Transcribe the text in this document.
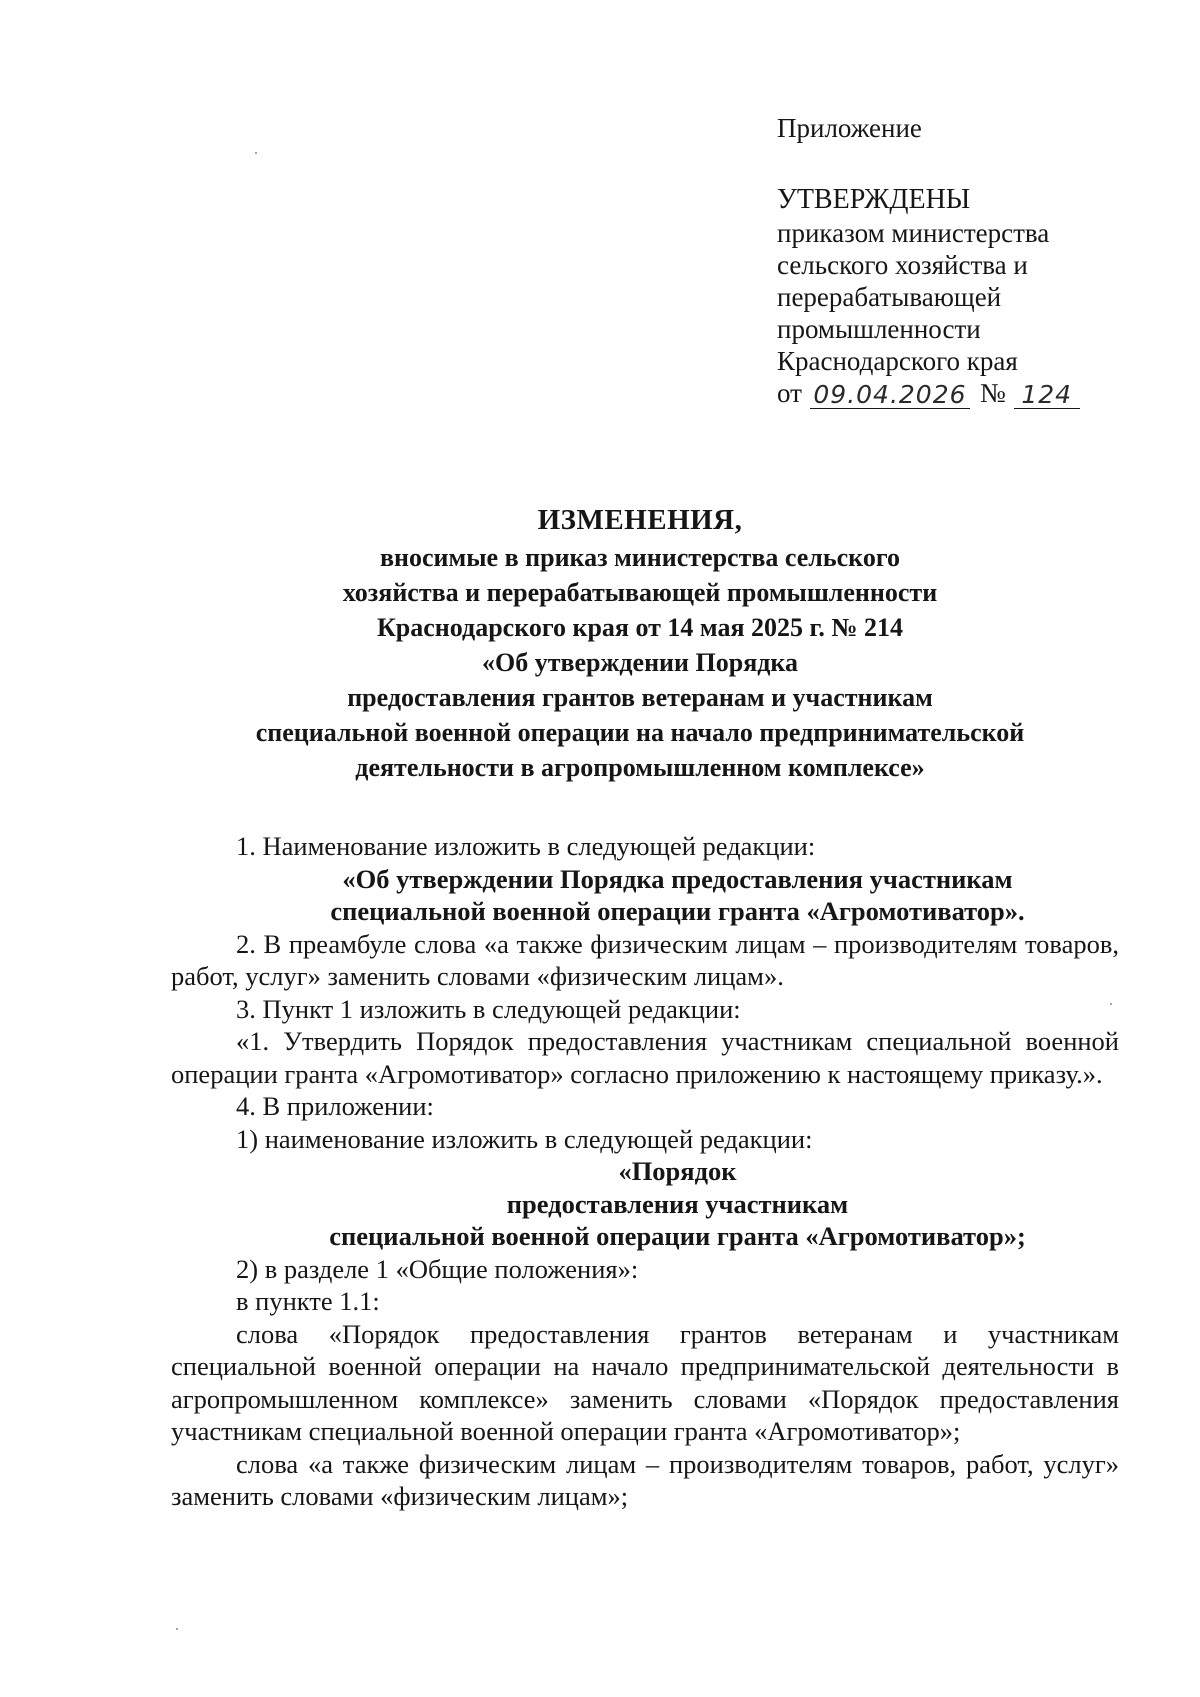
Приложение
УТВЕРЖДЕНЫ
приказом министерства
сельского хозяйства и
перерабатывающей
промышленности
Краснодарского края
от 09.04.2026 № 124
ИЗМЕНЕНИЯ,
вносимые в приказ министерства сельского
хозяйства и перерабатывающей промышленности
Краснодарского края от 14 мая 2025 г. № 214
«Об утверждении Порядка
предоставления грантов ветеранам и участникам
специальной военной операции на начало предпринимательской
деятельности в агропромышленном комплексе»
1. Наименование изложить в следующей редакции:
«Об утверждении Порядка предоставления участникам
специальной военной операции гранта «Агромотиватор».
2. В преамбуле слова «а также физическим лицам – производителям товаров, работ, услуг» заменить словами «физическим лицам».
3. Пункт 1 изложить в следующей редакции:
«1. Утвердить Порядок предоставления участникам специальной военной операции гранта «Агромотиватор» согласно приложению к настоящему приказу.».
4. В приложении:
1) наименование изложить в следующей редакции:
«Порядок
предоставления участникам
специальной военной операции гранта «Агромотиватор»;
2) в разделе 1 «Общие положения»:
в пункте 1.1:
слова «Порядок предоставления грантов ветеранам и участникам специальной военной операции на начало предпринимательской деятельности в агропромышленном комплексе» заменить словами «Порядок предоставления участникам специальной военной операции гранта «Агромотиватор»;
слова «а также физическим лицам – производителям товаров, работ, услуг» заменить словами «физическим лицам»;
